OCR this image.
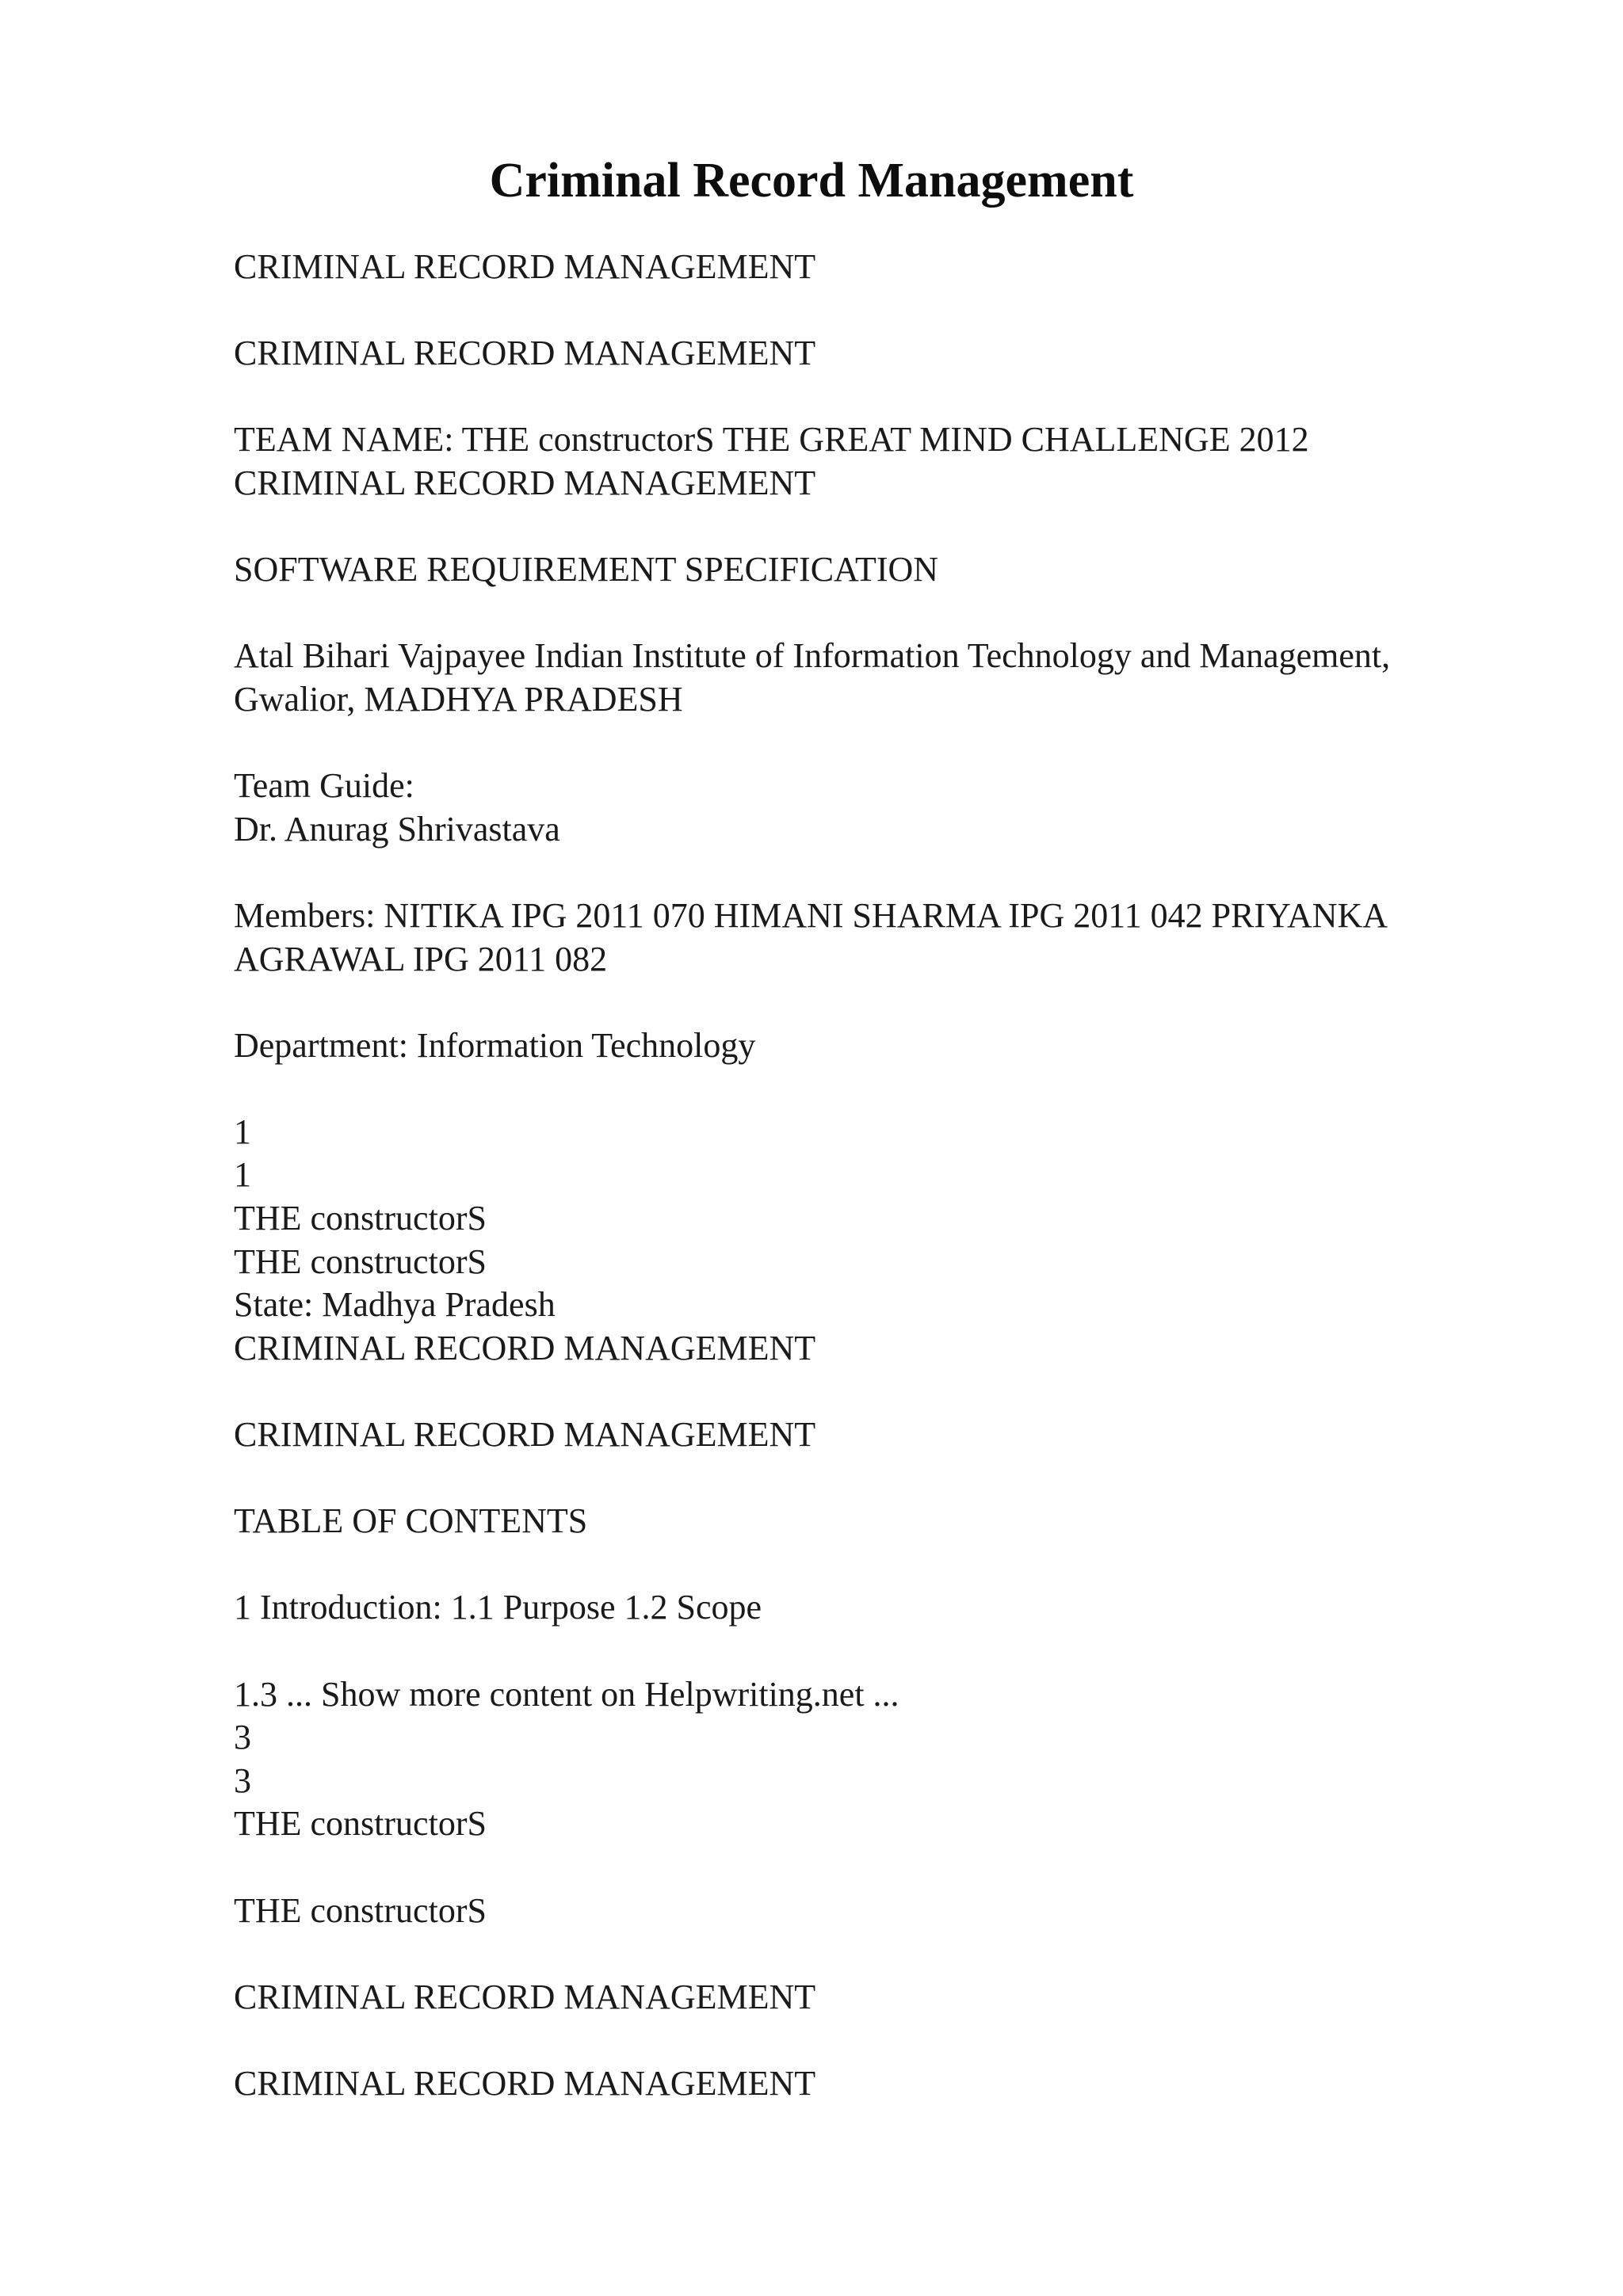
Criminal Record Management

CRIMINAL RECORD MANAGEMENT

CRIMINAL RECORD MANAGEMENT

TEAM NAME: THE constructorS THE GREAT MIND CHALLENGE 2012
CRIMINAL RECORD MANAGEMENT

SOFTWARE REQUIREMENT SPECIFICATION

Atal Bihari Vajpayee Indian Institute of Information Technology and Management,
Gwalior, MADHYA PRADESH

Team Guide:
Dr. Anurag Shrivastava

Members: NITIKA IPG 2011 070 HIMANI SHARMA IPG 2011 042 PRIYANKA
AGRAWAL IPG 2011 082

Department: Information Technology

1
1
THE constructorS
THE constructorS
State: Madhya Pradesh
CRIMINAL RECORD MANAGEMENT

CRIMINAL RECORD MANAGEMENT

TABLE OF CONTENTS

1 Introduction: 1.1 Purpose 1.2 Scope

1.3 ... Show more content on Helpwriting.net ...
3
3
THE constructorS

THE constructorS

CRIMINAL RECORD MANAGEMENT

CRIMINAL RECORD MANAGEMENT
